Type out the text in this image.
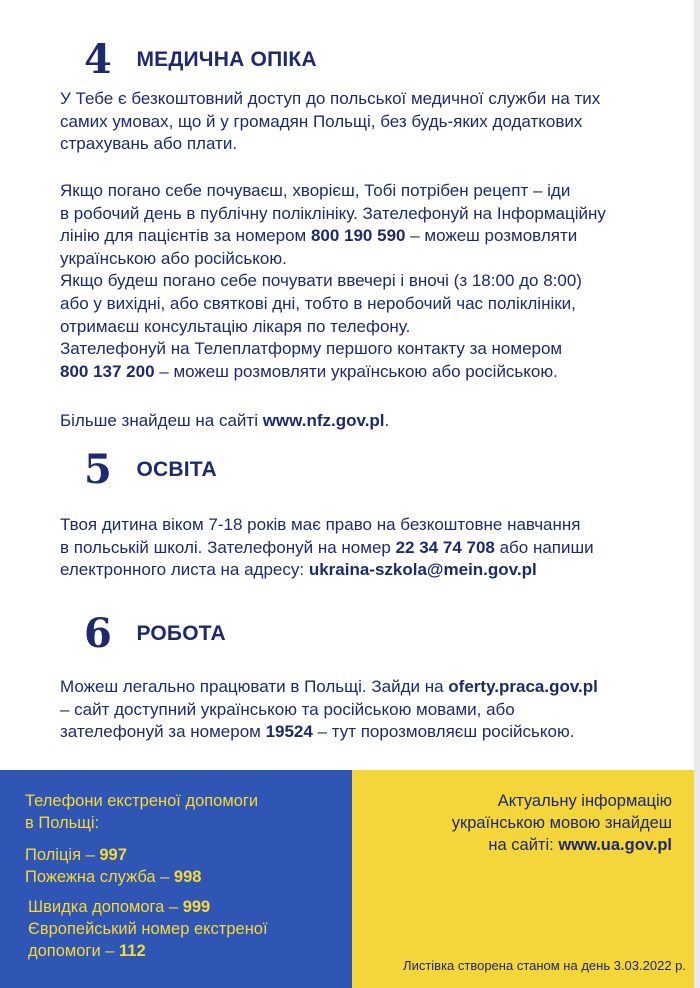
4 МЕДИЧНА ОПІКА

У Тебе є безкоштовний доступ до польської медичної служби на тих
самих умовах, що й у громадян Польщі, без будь-яких додаткових
страхувань або плати.

Якщо погано себе почуваєш, хворієш, Тобі потрібен рецепт – іди
в робочий день в публічну поліклініку. Зателефонуй на Інформаційну
лінію для пацієнтів за номером 800 190 590 – можеш розмовляти
українською або російською.
Якщо будеш погано себе почувати ввечері і вночі (з 18:00 до 8:00)
або у вихідні, або святкові дні, тобто в неробочий час поліклініки,
отримаєш консультацію лікаря по телефону.
Зателефонуй на Телеплатформу першого контакту за номером
800 137 200 – можеш розмовляти українською або російською.

Більше знайдеш на сайті www.nfz.gov.pl.

5 ОСВІТА

Твоя дитина віком 7-18 років має право на безкоштовне навчання
в польській школі. Зателефонуй на номер 22 34 74 708 або напиши
електронного листа на адресу: ukraina-szkola@mein.gov.pl

6 РОБОТА

Можеш легально працювати в Польщі. Зайди на oferty.praca.gov.pl
– сайт доступний українською та російською мовами, або
зателефонуй за номером 19524 – тут порозмовляєш російською.

Телефони екстреної допомоги
в Польщі:
Поліція – 997
Пожежна служба – 998
Швидка допомога – 999
Європейський номер екстреної
допомоги – 112
Актуальну інформацію
українською мовою знайдеш
на сайті: www.ua.gov.pl
Листівка створена станом на день 3.03.2022 р.
